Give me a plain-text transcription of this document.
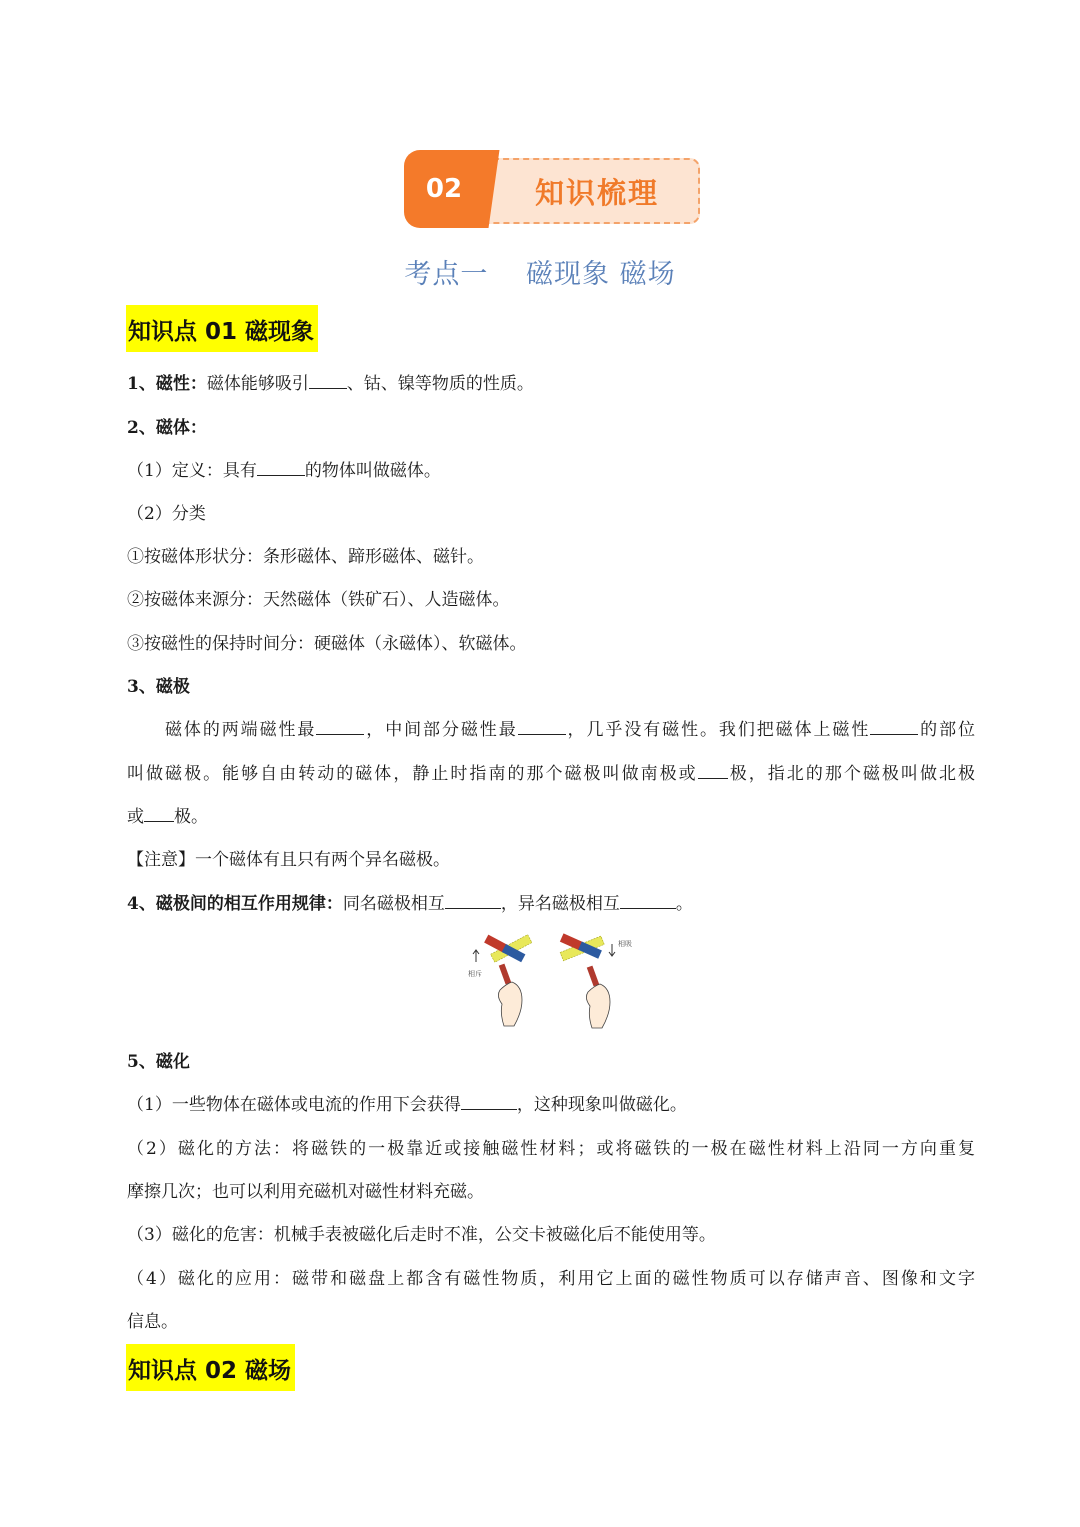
02	知识梳理
考点一　 磁现象 磁场
知识点 01 磁现象
1、磁性：磁体能够吸引 、钴、镍等物质的性质。
2、磁体：
（1）定义：具有	的物体叫做磁体。
（2）分类
①按磁体形状分：条形磁体、蹄形磁体、磁针。
②按磁体来源分：天然磁体（铁矿石）、人造磁体。
③按磁性的保持时间分：硬磁体（永磁体）、软磁体。
3、磁极
磁体的两端磁性最	，中间部分磁性最	，几乎没有磁性。我们把磁体上磁性	的部位
叫做磁极。能够自由转动的磁体，静止时指南的那个磁极叫做南极或 极，指北的那个磁极叫做北极
或 极。
【注意】一个磁体有且只有两个异名磁极。
4、磁极间的相互作用规律：同名磁极相互	，异名磁极相互	。
相斥
相吸
5、磁化
（1）一些物体在磁体或电流的作用下会获得	，这种现象叫做磁化。
（2）磁化的方法：将磁铁的一极靠近或接触磁性材料；或将磁铁的一极在磁性材料上沿同一方向重复
摩擦几次；也可以利用充磁机对磁性材料充磁。
（3）磁化的危害：机械手表被磁化后走时不准，公交卡被磁化后不能使用等。
（4）磁化的应用：磁带和磁盘上都含有磁性物质，利用它上面的磁性物质可以存储声音、图像和文字
信息。
知识点 02 磁场
